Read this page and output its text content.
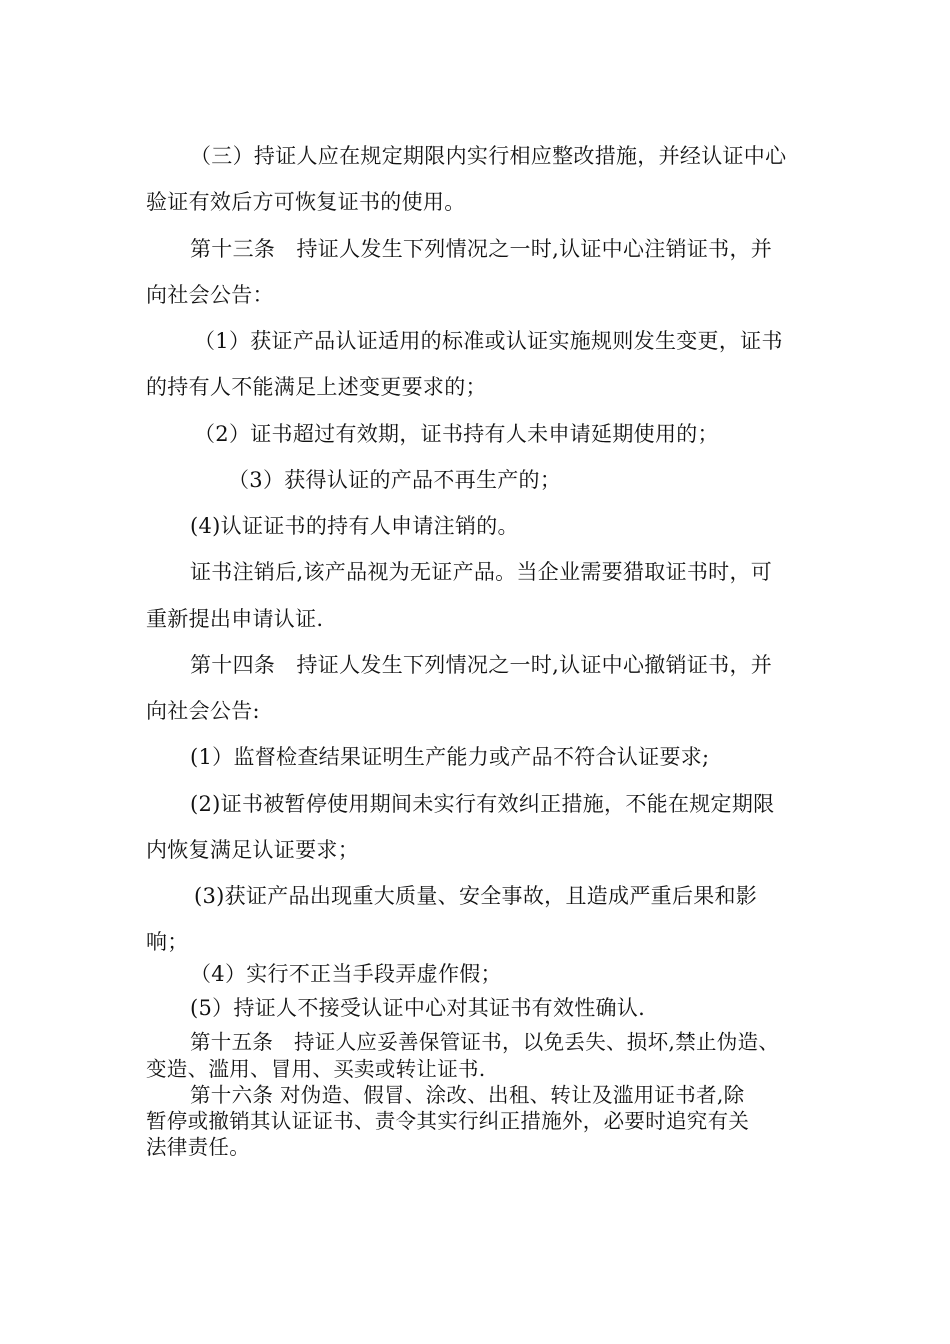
（三）持证人应在规定期限内实行相应整改措施，并经认证中心
验证有效后方可恢复证书的使用。
第十三条　持证人发生下列情况之一时,认证中心注销证书，并
向社会公告：
（1）获证产品认证适用的标准或认证实施规则发生变更，证书
的持有人不能满足上述变更要求的；
（2）证书超过有效期，证书持有人未申请延期使用的；
（3）获得认证的产品不再生产的；
(4)认证证书的持有人申请注销的。
证书注销后,该产品视为无证产品。当企业需要猎取证书时，可
重新提出申请认证.
第十四条　持证人发生下列情况之一时,认证中心撤销证书，并
向社会公告:
(1）监督检查结果证明生产能力或产品不符合认证要求;
(2)证书被暂停使用期间未实行有效纠正措施，不能在规定期限
内恢复满足认证要求；
(3)获证产品出现重大质量、安全事故，且造成严重后果和影
响；
（4）实行不正当手段弄虚作假；
(5）持证人不接受认证中心对其证书有效性确认.
第十五条　持证人应妥善保管证书，以免丢失、损坏,禁止伪造、
变造、滥用、冒用、买卖或转让证书.
第十六条 对伪造、假冒、涂改、出租、转让及滥用证书者,除
暂停或撤销其认证证书、责令其实行纠正措施外，必要时追究有关
法律责任。
